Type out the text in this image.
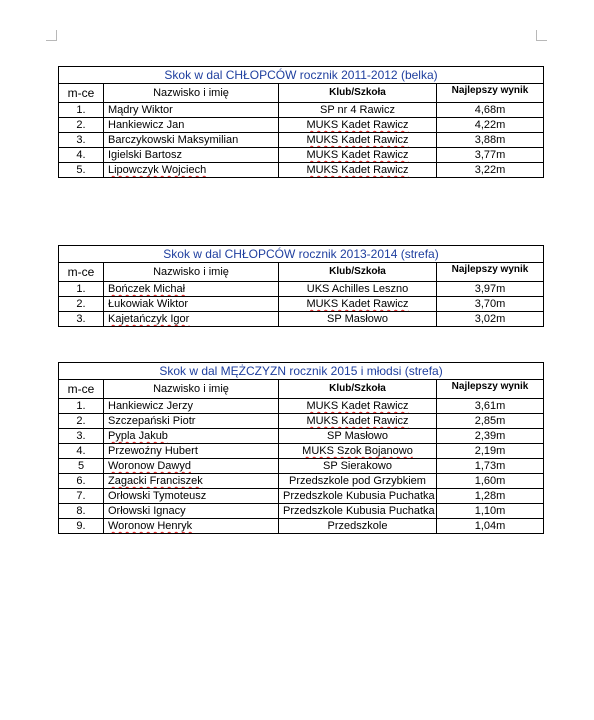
Skok w dal CHŁOPCÓW rocznik 2011-2012 (belka)			
m-ce	Nazwisko i imię	Klub/Szkoła	Najlepszy wynik
1.	Mądry Wiktor	SP nr 4 Rawicz	4,68m
2.	Hankiewicz Jan	MUKS Kadet Rawicz	4,22m
3.	Barczykowski Maksymilian	MUKS Kadet Rawicz	3,88m
4.	Igielski Bartosz	MUKS Kadet Rawicz	3,77m
5.	Lipowczyk Wojciech	MUKS Kadet Rawicz	3,22m
Skok w dal CHŁOPCÓW rocznik 2013-2014 (strefa)			
m-ce	Nazwisko i imię	Klub/Szkoła	Najlepszy wynik
1.	Bończek Michał	UKS Achilles Leszno	3,97m
2.	Łukowiak Wiktor	MUKS Kadet Rawicz	3,70m
3.	Kajetańczyk Igor	SP Masłowo	3,02m
Skok w dal MĘŻCZYZN rocznik 2015 i młodsi (strefa)			
m-ce	Nazwisko i imię	Klub/Szkoła	Najlepszy wynik
1.	Hankiewicz Jerzy	MUKS Kadet Rawicz	3,61m
2.	Szczepański Piotr	MUKS Kadet Rawicz	2,85m
3.	Pypla Jakub	SP Masłowo	2,39m
4.	Przewoźny Hubert	MUKS Szok Bojanowo	2,19m
5	Woronow Dawyd	SP Sierakowo	1,73m
6.	Zagacki Franciszek	Przedszkole pod Grzybkiem	1,60m
7.	Orłowski Tymoteusz	Przedszkole Kubusia Puchatka	1,28m
8.	Orłowski Ignacy	Przedszkole Kubusia Puchatka	1,10m
9.	Woronow Henryk	Przedszkole	1,04m
